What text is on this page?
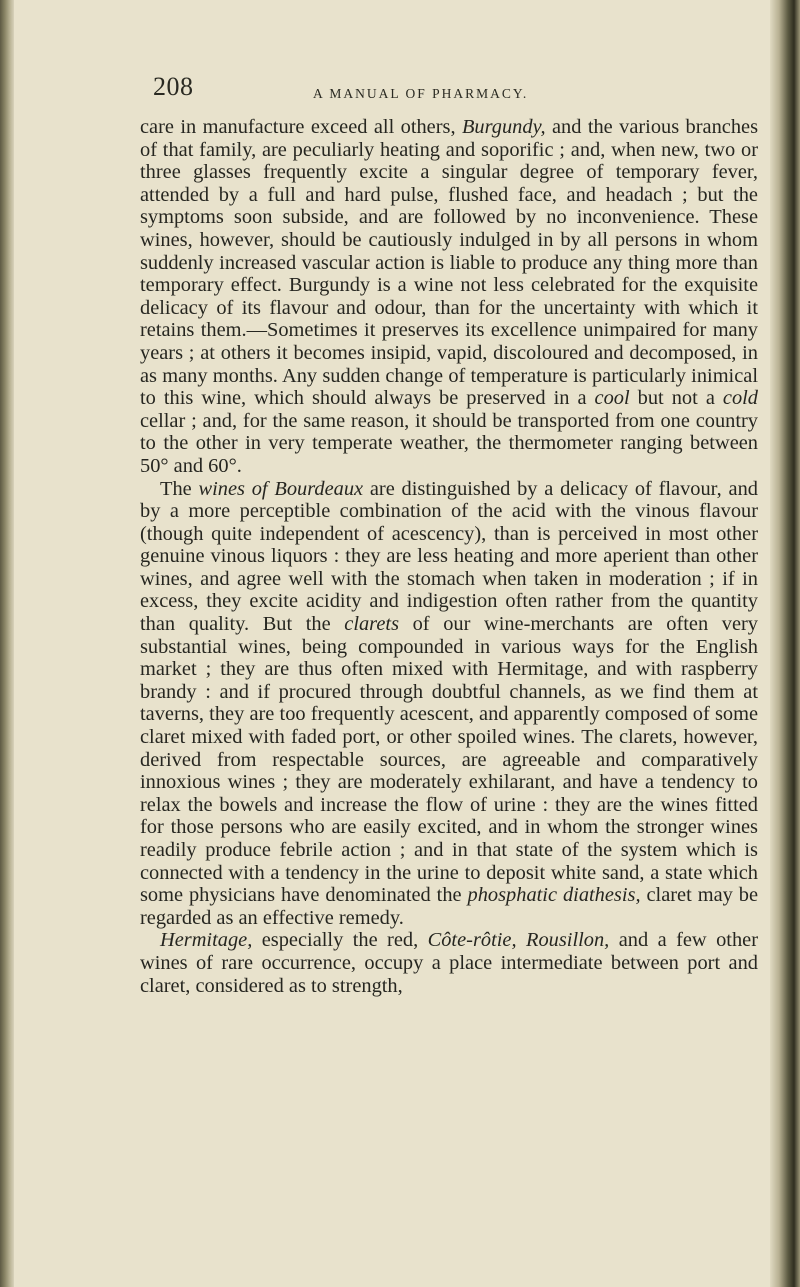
208	A MANUAL OF PHARMACY.

care in manufacture exceed all others, Burgundy, and the various branches of that family, are peculiarly heating and soporific ; and, when new, two or three glasses frequently excite a singular degree of temporary fever, attended by a full and hard pulse, flushed face, and headach ; but the symptoms soon subside, and are followed by no inconvenience. These wines, however, should be cautiously indulged in by all persons in whom suddenly increased vascular action is liable to produce any thing more than temporary effect. Burgundy is a wine not less celebrated for the exquisite delicacy of its flavour and odour, than for the uncertainty with which it retains them.—Sometimes it preserves its excellence unimpaired for many years ; at others it becomes insipid, vapid, discoloured and decomposed, in as many months. Any sudden change of temperature is particularly inimical to this wine, which should always be preserved in a cool but not a cold cellar ; and, for the same reason, it should be transported from one country to the other in very temperate weather, the thermometer ranging between 50° and 60°.

The wines of Bourdeaux are distinguished by a delicacy of flavour, and by a more perceptible combination of the acid with the vinous flavour (though quite independent of acescency), than is perceived in most other genuine vinous liquors : they are less heating and more aperient than other wines, and agree well with the stomach when taken in moderation ; if in excess, they excite acidity and indigestion often rather from the quantity than quality. But the clarets of our wine-merchants are often very substantial wines, being compounded in various ways for the English market ; they are thus often mixed with Hermitage, and with raspberry brandy : and if procured through doubtful channels, as we find them at taverns, they are too frequently acescent, and apparently composed of some claret mixed with faded port, or other spoiled wines. The clarets, however, derived from respectable sources, are agreeable and comparatively innoxious wines ; they are moderately exhilarant, and have a tendency to relax the bowels and increase the flow of urine : they are the wines fitted for those persons who are easily excited, and in whom the stronger wines readily produce febrile action ; and in that state of the system which is connected with a tendency in the urine to deposit white sand, a state which some physicians have denominated the phosphatic diathesis, claret may be regarded as an effective remedy.

Hermitage, especially the red, Côte-rôtie, Rousillon, and a few other wines of rare occurrence, occupy a place intermediate between port and claret, considered as to strength,
